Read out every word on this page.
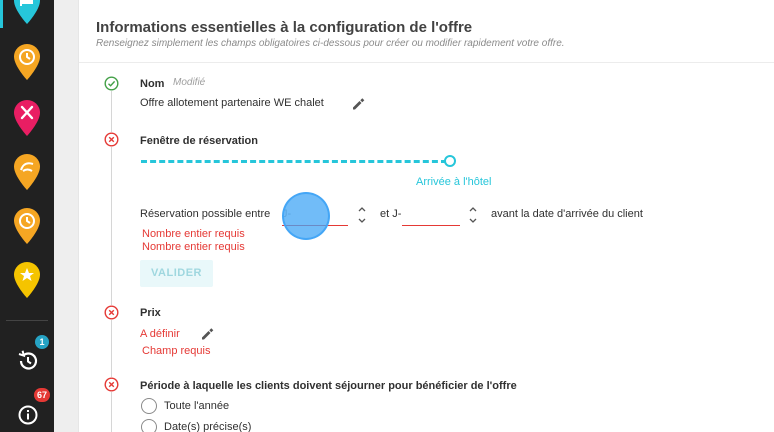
1
67
Informations essentielles à la configuration de l'offre
Renseignez simplement les champs obligatoires ci-dessous pour créer ou modifier rapidement votre offre.
Nom Modifié
Offre allotement partenaire WE chalet
Fenêtre de réservation
Arrivée à l'hôtel
Réservation possible entre	et J-	avant la date d'arrivée du client
Nombre entier requis
Nombre entier requis
VALIDER
Prix
A définir
Champ requis
Période à laquelle les clients doivent séjourner pour bénéficier de l'offre
Toute l'année
Date(s) précise(s)
